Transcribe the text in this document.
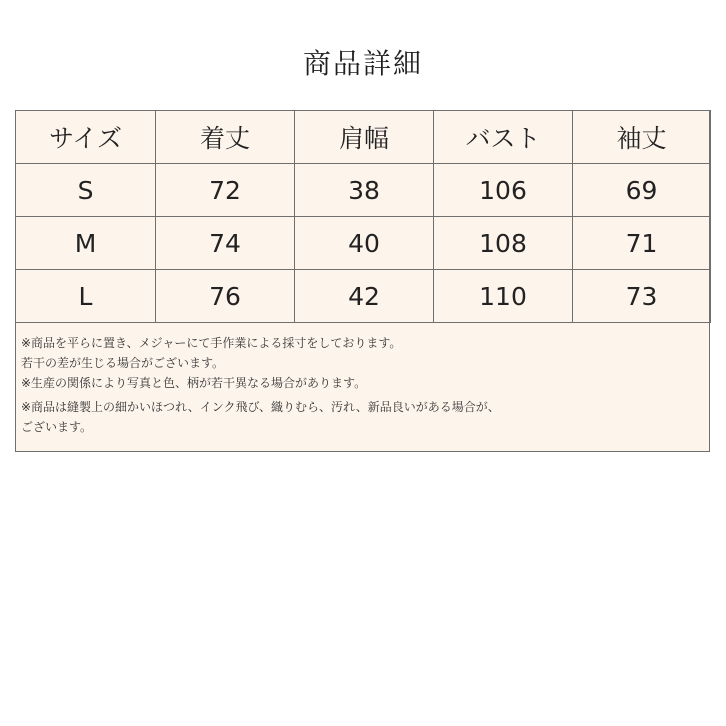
商品詳細
サイズ	着丈	肩幅	バスト	袖丈
S	72	38	106	69
M	74	40	108	71
L	76	42	110	73
※商品を平らに置き、メジャーにて手作業による採寸をしております。
若干の差が生じる場合がございます。
※生産の関係により写真と色、柄が若干異なる場合があります。
※商品は縫製上の細かいほつれ、インク飛び、織りむら、汚れ、新品良いがある場合が、
ございます。
